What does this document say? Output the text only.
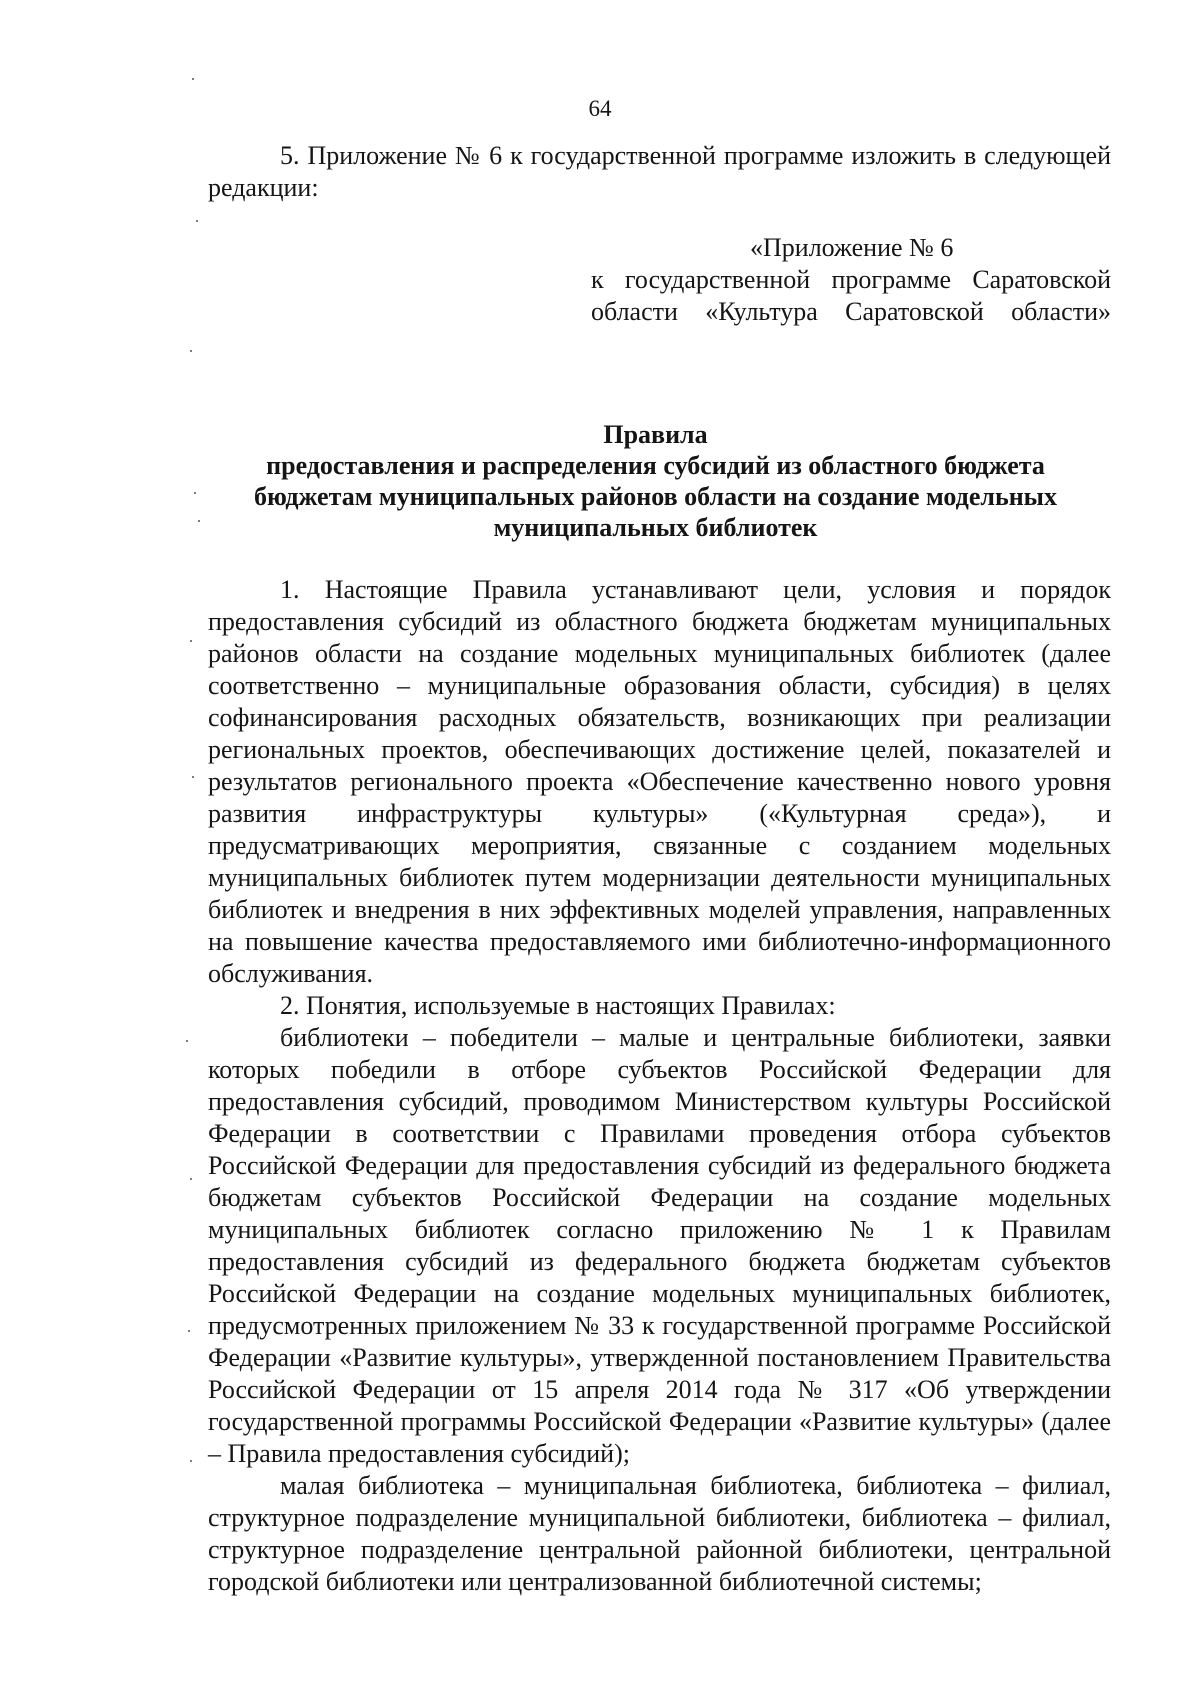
64

5. Приложение № 6 к государственной программе изложить в следующей редакции:

«Приложение № 6
к государственной программе Саратовской
области «Культура Саратовской области»
Правила
предоставления и распределения субсидий из областного бюджета
бюджетам муниципальных районов области на создание модельных
муниципальных библиотек

1. Настоящие Правила устанавливают цели, условия и порядок предоставления субсидий из областного бюджета бюджетам муниципальных районов области на создание модельных муниципальных библиотек (далее соответственно – муниципальные образования области, субсидия) в целях софинансирования расходных обязательств, возникающих при реализации региональных проектов, обеспечивающих достижение целей, показателей и результатов регионального проекта «Обеспечение качественно нового уровня развития инфраструктуры культуры» («Культурная среда»), и предусматривающих мероприятия, связанные с созданием модельных муниципальных библиотек путем модернизации деятельности муниципальных библиотек и внедрения в них эффективных моделей управления, направленных на повышение качества предоставляемого ими библиотечно-информационного обслуживания.

2. Понятия, используемые в настоящих Правилах:

библиотеки – победители – малые и центральные библиотеки, заявки которых победили в отборе субъектов Российской Федерации для предоставления субсидий, проводимом Министерством культуры Российской Федерации в соответствии с Правилами проведения отбора субъектов Российской Федерации для предоставления субсидий из федерального бюджета бюджетам субъектов Российской Федерации на создание модельных муниципальных библиотек согласно приложению № 1 к Правилам предоставления субсидий из федерального бюджета бюджетам субъектов Российской Федерации на создание модельных муниципальных библиотек, предусмотренных приложением № 33 к государственной программе Российской Федерации «Развитие культуры», утвержденной постановлением Правительства Российской Федерации от 15 апреля 2014 года № 317 «Об утверждении государственной программы Российской Федерации «Развитие культуры» (далее – Правила предоставления субсидий);

малая библиотека – муниципальная библиотека, библиотека – филиал, структурное подразделение муниципальной библиотеки, библиотека – филиал, структурное подразделение центральной районной библиотеки, центральной городской библиотеки или централизованной библиотечной системы;
